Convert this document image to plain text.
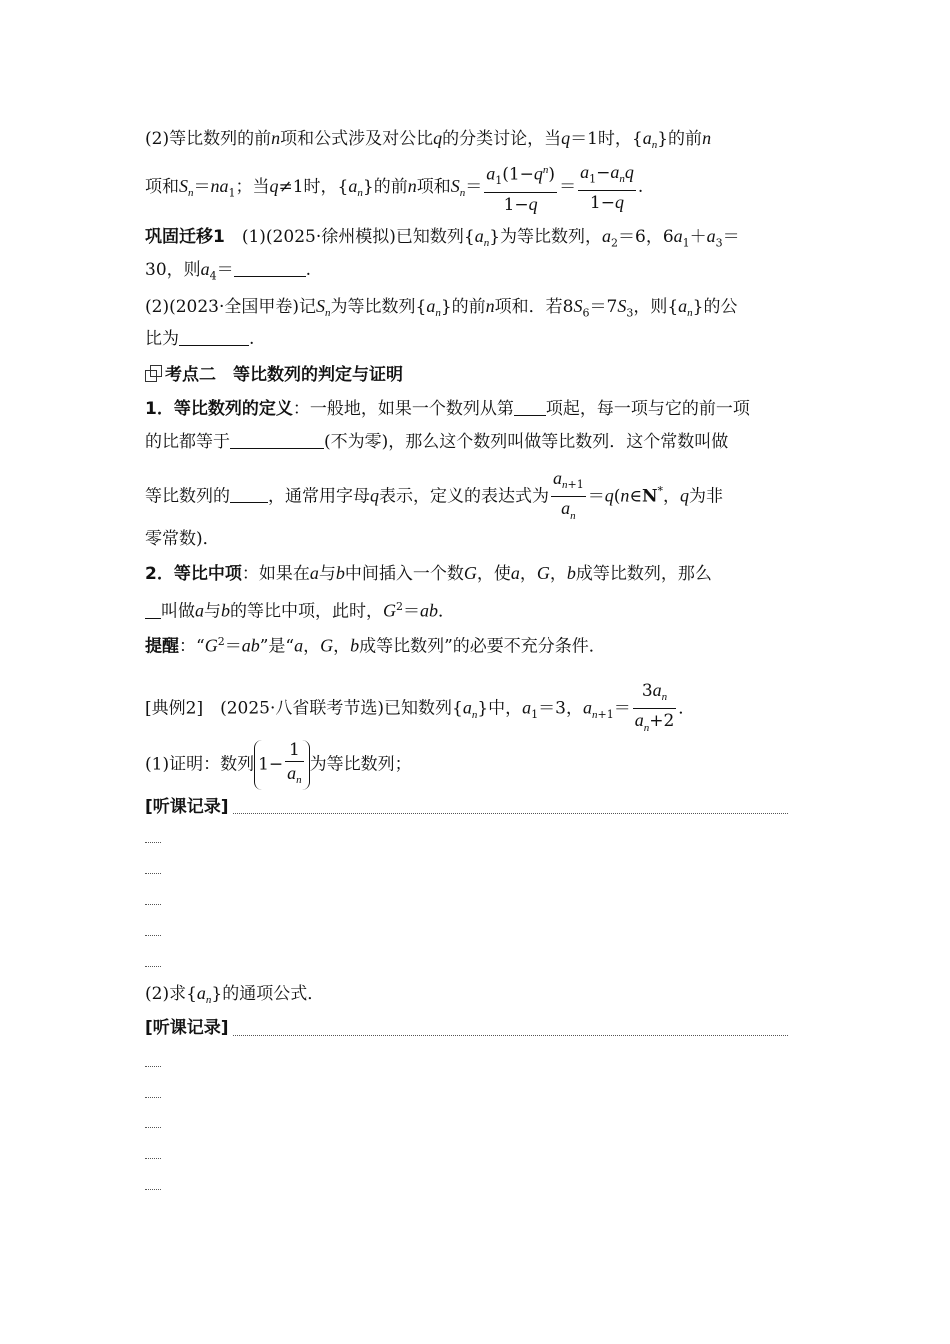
(2)等比数列的前n项和公式涉及对公比q的分类讨论，当q＝1时，$\{a_n\}$的前n
项和$S_n=na_1$；当q≠1时，$\{a_n\}$的前n项和$S_n= \frac{a_1(1-q^n)}{1-q} = \frac{a_1-a_nq}{1-q}$ .
巩固迁移1　 (1)(2025·徐州模拟)已知数列$\{a_n\}$为等比数列，$a_2=6$，$6a_1+a_3=$
30，则$a_4=$	.
(2)(2023·全国甲卷)记$S_n$为等比数列$\{a_n\}$的前n项和．若$8S_6=7S_3$，则$\{a_n\}$的公
比为	.
考点二　等比数列的判定与证明
1．等比数列的定义：一般地，如果一个数列从第 项起，每一项与它的前一项
的比都等于	(不为零)，那么这个数列叫做等比数列．这个常数叫做
等比数列的 ，通常用字母q表示，定义的表达式为 $\frac{a_{n+1}}{a_n}$ ＝q(n∈N*，q为非
零常数)．
2．等比中项：如果在a与b中间插入一个数G，使a，G，b成等比数列，那么
叫做a与b的等比中项，此时，$G^2=ab$．
提醒：“$G^2=ab$”是“a，G，b成等比数列”的必要不充分条件．
[典例2]　 (2025·八省联考节选)已知数列$\{a_n\}$中，$a_1=3$，$a_{n+1}= \frac{3a_n}{a_n+2}$ ．
(1)证明：数列 $1- \frac{1}{a_n}$ 为等比数列；
[听课记录]
(2)求$\{a_n\}$的通项公式．
[听课记录]
